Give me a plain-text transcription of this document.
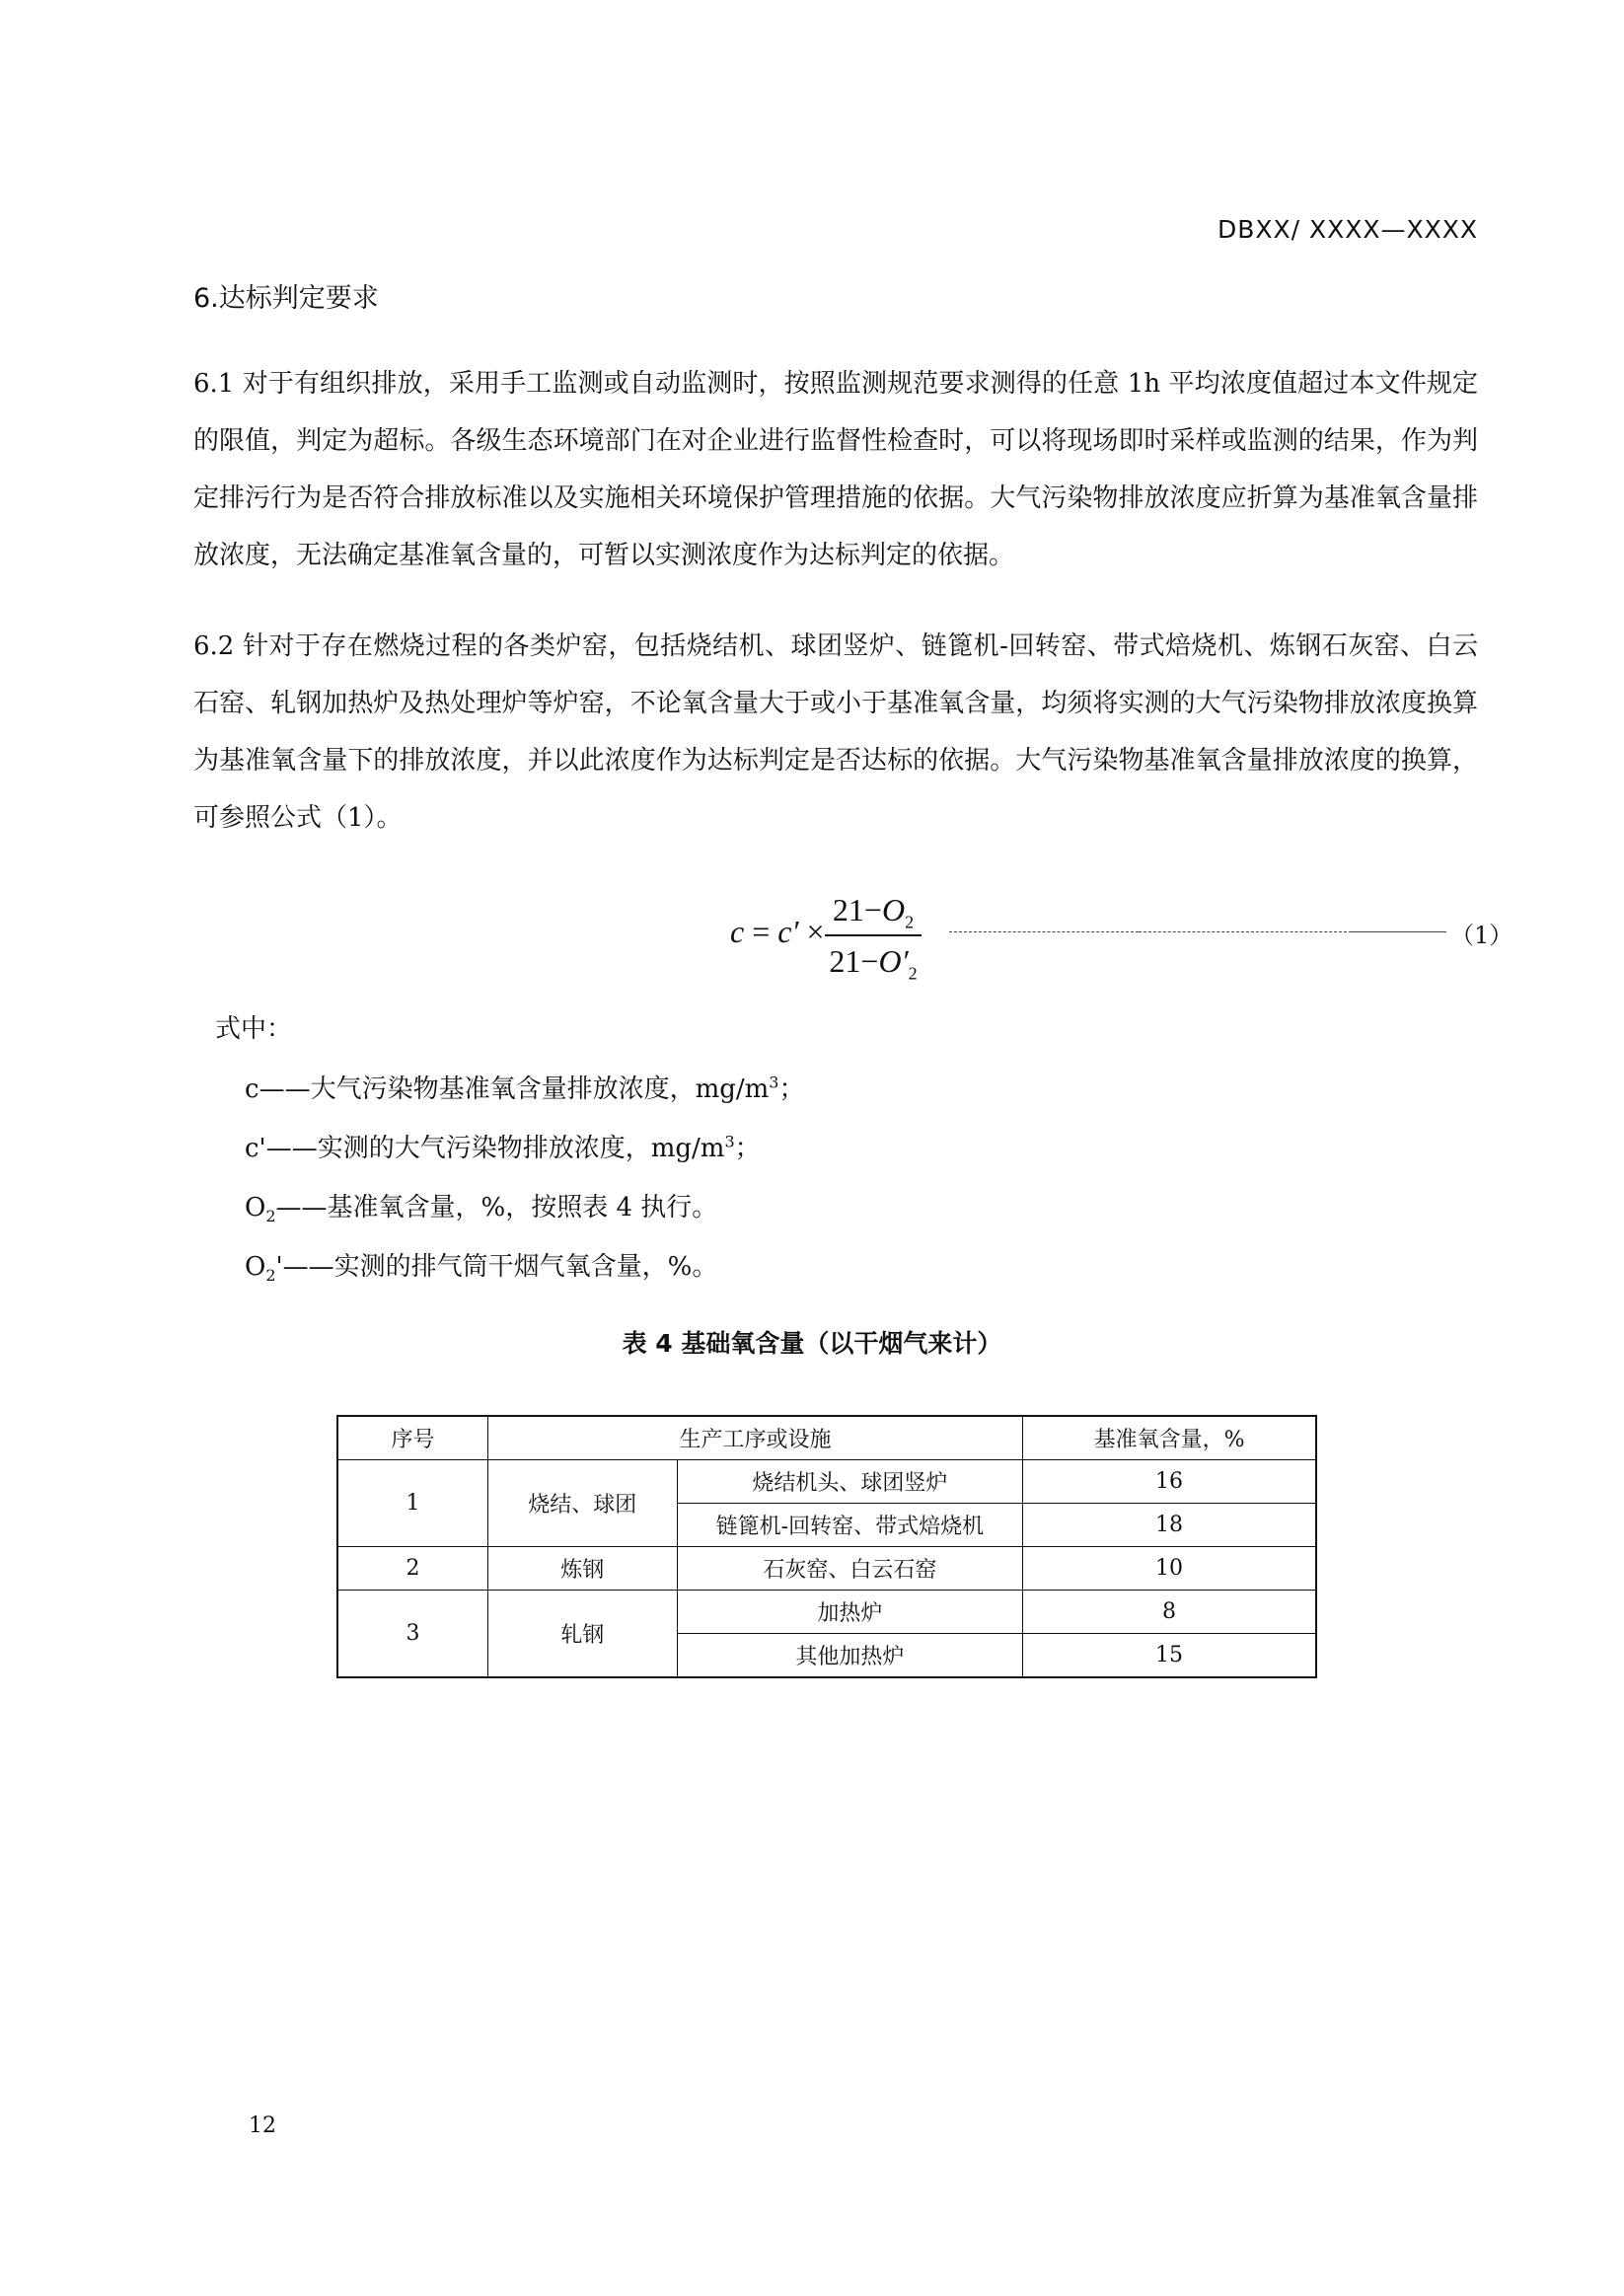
DBXX/ XXXX—XXXX
6.达标判定要求

6.1 对于有组织排放，采用手工监测或自动监测时，按照监测规范要求测得的任意 1h 平均浓度值超过本文件规定的限值，判定为超标。各级生态环境部门在对企业进行监督性检查时，可以将现场即时采样或监测的结果，作为判定排污行为是否符合排放标准以及实施相关环境保护管理措施的依据。大气污染物排放浓度应折算为基准氧含量排放浓度，无法确定基准氧含量的，可暂以实测浓度作为达标判定的依据。

6.2 针对于存在燃烧过程的各类炉窑，包括烧结机、球团竖炉、链篦机-回转窑、带式焙烧机、炼钢石灰窑、白云石窑、轧钢加热炉及热处理炉等炉窑，不论氧含量大于或小于基准氧含量，均须将实测的大气污染物排放浓度换算为基准氧含量下的排放浓度，并以此浓度作为达标判定是否达标的依据。大气污染物基准氧含量排放浓度的换算，可参照公式（1）。

c = c′ ×
$21-O_2$
$21-O'_2$
（1）
式中：
c——大气污染物基准氧含量排放浓度，$mg/m^3$；
c'——实测的大气污染物排放浓度，$mg/m^3$；
$O_2——$基准氧含量，%，按照表 4 执行。
$O_2'——$实测的排气筒干烟气氧含量，%。
表 4 基础氧含量（以干烟气来计）
序号	生产工序或设施		基准氧含量，%
1	烧结、球团	烧结机头、球团竖炉	16
		链篦机-回转窑、带式焙烧机	18
2	炼钢	石灰窑、白云石窑	10
3	轧钢	加热炉	8
		其他加热炉	15
12
